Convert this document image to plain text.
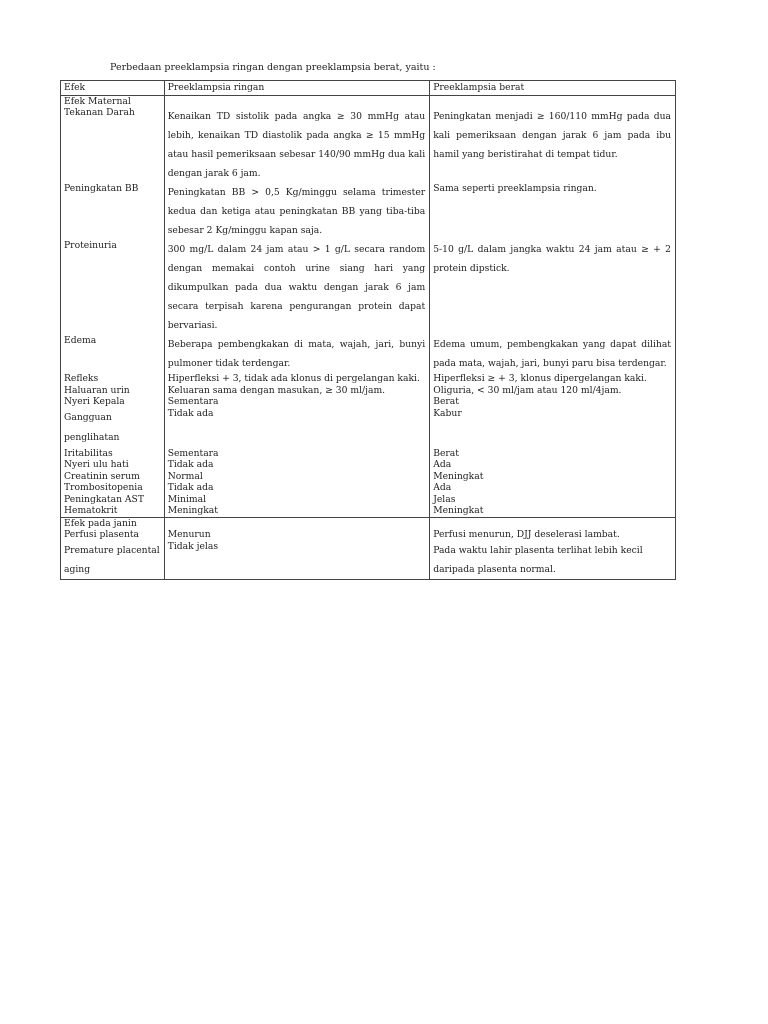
Perbedaan preeklampsia ringan dengan preeklampsia berat, yaitu :
Efek	Preeklampsia ringan	Preeklampsia berat
Efek Maternal		
Tekanan Darah	Kenaikan TD sistolik pada angka ≥ 30 mmHg atau lebih, kenaikan TD diastolik pada angka ≥ 15 mmHg atau hasil pemeriksaan sebesar 140/90 mmHg dua kali dengan jarak 6 jam.	Peningkatan menjadi ≥ 160/110 mmHg pada dua kali pemeriksaan dengan jarak 6 jam pada ibu hamil yang beristirahat di tempat tidur.
Peningkatan BB	Peningkatan BB > 0,5 Kg/minggu selama trimester kedua dan ketiga atau peningkatan BB yang tiba-tiba sebesar 2 Kg/minggu kapan saja.	Sama seperti preeklampsia ringan.
Proteinuria	300 mg/L dalam 24 jam atau > 1 g/L secara random dengan memakai contoh urine siang hari yang dikumpulkan pada dua waktu dengan jarak 6 jam secara terpisah karena pengurangan protein dapat bervariasi.	5-10 g/L dalam jangka waktu 24 jam atau ≥ + 2 protein dipstick.
Edema	Beberapa pembengkakan di mata, wajah, jari, bunyi pulmoner tidak terdengar.	Edema umum, pembengkakan yang dapat dilihat pada mata, wajah, jari, bunyi paru bisa terdengar.
Refleks	Hiperfleksi + 3, tidak ada klonus di pergelangan kaki.	Hiperfleksi ≥ + 3, klonus dipergelangan kaki.
Haluaran urin	Keluaran sama dengan masukan, ≥ 30 ml/jam.	Oliguria, < 30 ml/jam atau 120 ml/4jam.
Nyeri Kepala	Sementara	Berat
Gangguan penglihatan	Tidak ada	Kabur
Iritabilitas	Sementara	Berat
Nyeri ulu hati	Tidak ada	Ada
Creatinin serum	Normal	Meningkat
Trombositopenia	Tidak ada	Ada
Peningkatan AST	Minimal	Jelas
Hematokrit	Meningkat	Meningkat
Efek pada janin		
Perfusi plasenta	Menurun	Perfusi menurun, DJJ deselerasi lambat.
Premature placental aging	Tidak jelas	Pada waktu lahir plasenta terlihat lebih kecil daripada plasenta normal.
